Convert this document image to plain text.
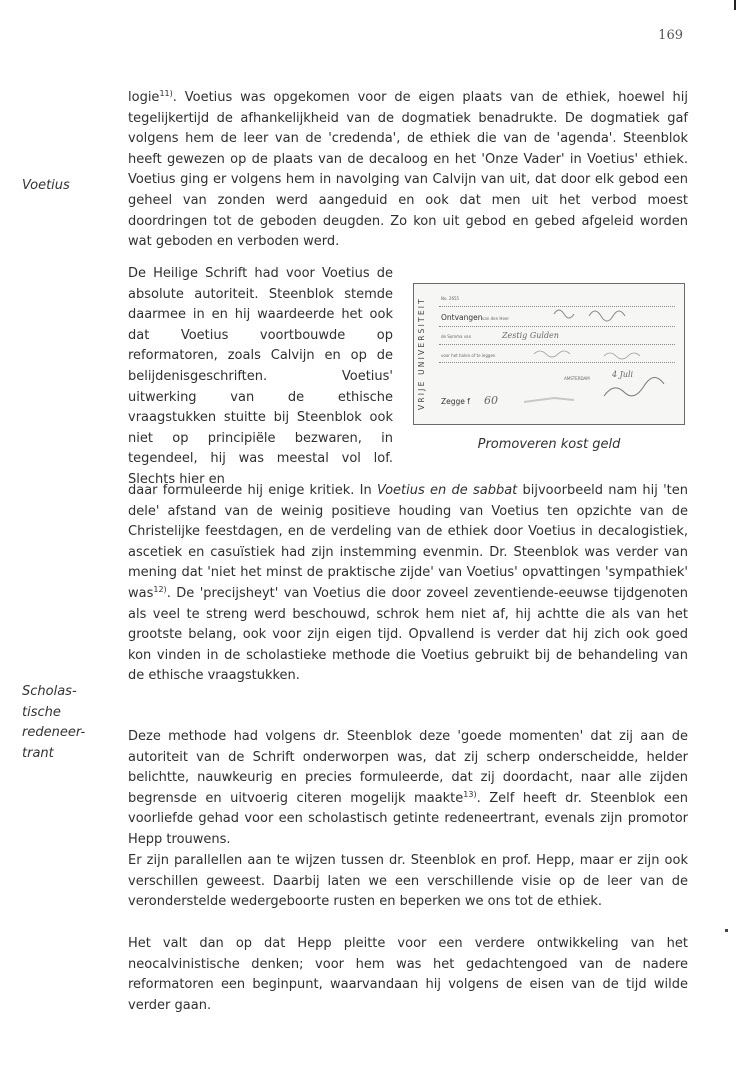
169
Voetius
Scholas-
tische
redeneer-
trant

logie$^{11)}$. Voetius was opgekomen voor de eigen plaats van de ethiek, hoewel hij tegelijkertijd de afhankelijkheid van de dogmatiek benadrukte. De dogmatiek gaf volgens hem de leer van de 'credenda', de ethiek die van de 'agenda'. Steenblok heeft gewezen op de plaats van de decaloog en het 'Onze Vader' in Voetius' ethiek. Voetius ging er volgens hem in navolging van Calvijn van uit, dat door elk gebod een geheel van zonden werd aangeduid en ook dat men uit het verbod moest doordringen tot de geboden deugden. Zo kon uit gebod en gebed afgeleid worden wat geboden en verboden werd.

De Heilige Schrift had voor Voetius de absolute autoriteit. Steenblok stemde daarmee in en hij waardeerde het ook dat Voetius voortbouwde op reformatoren, zoals Calvijn en op de belijdenisgeschriften. Voetius' uitwerking van de ethische vraagstukken stuitte bij Steenblok ook niet op principiële bezwaren, in tegendeel, hij was meestal vol lof. Slechts hier en

VRIJE UNIVERSITEIT	No. 2655
Ontvangen van den Heer
de Somma van	Zestig Gulden
voor het halen of te leggen
AMSTERDAM	4 Juli
Zegge f 60
Promoveren kost geld

daar formuleerde hij enige kritiek. In Voetius en de sabbat bijvoorbeeld nam hij 'ten dele' afstand van de weinig positieve houding van Voetius ten opzichte van de Christelijke feestdagen, en de verdeling van de ethiek door Voetius in decalogistiek, ascetiek en casuïstiek had zijn instemming evenmin. Dr. Steenblok was verder van mening dat 'niet het minst de praktische zijde' van Voetius' opvattingen 'sympathiek' was$^{12)}$. De 'precijsheyt' van Voetius die door zoveel zeventiende-eeuwse tijdgenoten als veel te streng werd beschouwd, schrok hem niet af, hij achtte die als van het grootste belang, ook voor zijn eigen tijd. Opvallend is verder dat hij zich ook goed kon vinden in de scholastieke methode die Voetius gebruikt bij de behandeling van de ethische vraagstukken.

Deze methode had volgens dr. Steenblok deze 'goede momenten' dat zij aan de autoriteit van de Schrift onderworpen was, dat zij scherp onderscheidde, helder belichtte, nauwkeurig en precies formuleerde, dat zij doordacht, naar alle zijden begrensde en uitvoerig citeren mogelijk maakte$^{13)}$. Zelf heeft dr. Steenblok een voorliefde gehad voor een scholastisch getinte redeneertrant, evenals zijn promotor Hepp trouwens.

Er zijn parallellen aan te wijzen tussen dr. Steenblok en prof. Hepp, maar er zijn ook verschillen geweest. Daarbij laten we een verschillende visie op de leer van de veronderstelde wedergeboorte rusten en beperken we ons tot de ethiek.

Het valt dan op dat Hepp pleitte voor een verdere ontwikkeling van het neocalvinistische denken; voor hem was het gedachtengoed van de nadere reformatoren een beginpunt, waarvandaan hij volgens de eisen van de tijd wilde verder gaan.
